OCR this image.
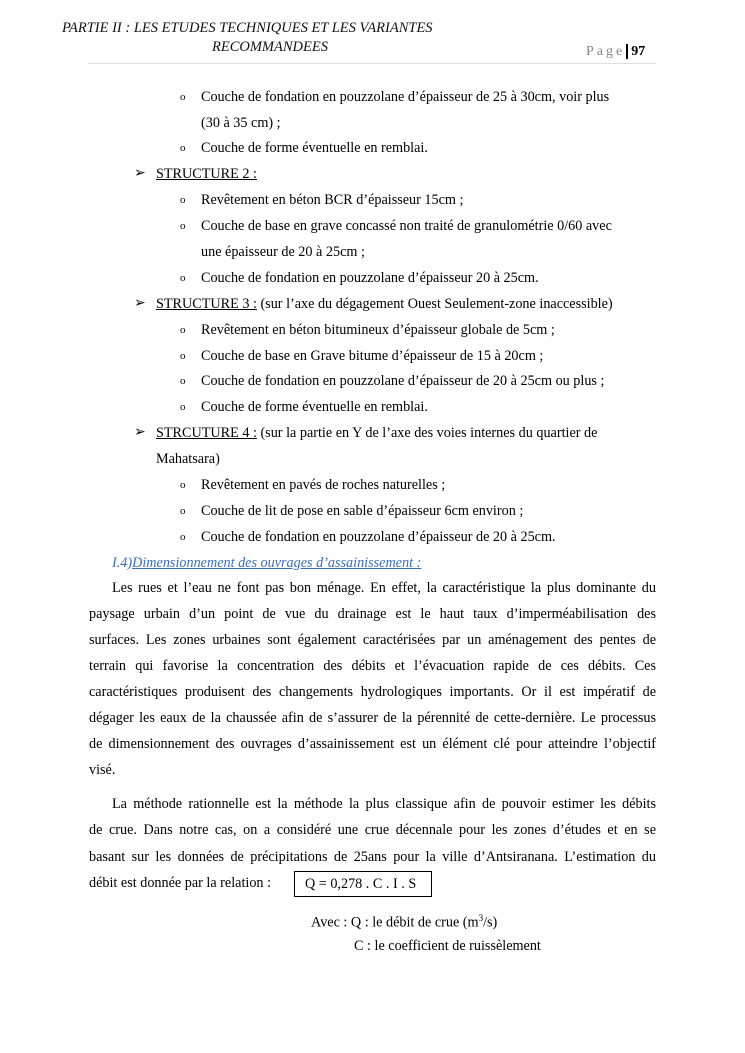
PARTIE II : LES ETUDES TECHNIQUES ET LES VARIANTES
RECOMMANDEES	Page 97
o Couche de fondation en pouzzolane d’épaisseur de 25 à 30cm, voir plus
(30 à 35 cm) ;
o Couche de forme éventuelle en remblai.
➢ STRUCTURE 2 :
o Revêtement en béton BCR d’épaisseur 15cm ;
o Couche de base en grave concassé non traité de granulométrie 0/60 avec
une épaisseur de 20 à 25cm ;
o Couche de fondation en pouzzolane d’épaisseur 20 à 25cm.
➢ STRUCTURE 3 : (sur l’axe du dégagement Ouest Seulement-zone inaccessible)
o Revêtement en béton bitumineux d’épaisseur globale de 5cm ;
o Couche de base en Grave bitume d’épaisseur de 15 à 20cm ;
o Couche de fondation en pouzzolane d’épaisseur de 20 à 25cm ou plus ;
o Couche de forme éventuelle en remblai.
➢ STRCUTURE 4 : (sur la partie en Y de l’axe des voies internes du quartier de
Mahatsara)
o Revêtement en pavés de roches naturelles ;
o Couche de lit de pose en sable d’épaisseur 6cm environ ;
o Couche de fondation en pouzzolane d’épaisseur de 20 à 25cm.
I.4)Dimensionnement des ouvrages d’assainissement :
Les rues et l’eau ne font pas bon ménage. En effet, la caractéristique la plus dominante du
paysage urbain d’un point de vue du drainage est le haut taux d’imperméabilisation des
surfaces. Les zones urbaines sont également caractérisées par un aménagement des pentes de
terrain qui favorise la concentration des débits et l’évacuation rapide de ces débits. Ces
caractéristiques produisent des changements hydrologiques importants. Or il est impératif de
dégager les eaux de la chaussée afin de s’assurer de la pérennité de cette-dernière. Le processus
de dimensionnement des ouvrages d’assainissement est un élément clé pour atteindre l’objectif
visé.
La méthode rationnelle est la méthode la plus classique afin de pouvoir estimer les débits
de crue. Dans notre cas, on a considéré une crue décennale pour les zones d’études et en se
basant sur les données de précipitations de 25ans pour la ville d’Antsiranana. L’estimation du
débit est donnée par la relation :	Q = 0,278 . C . I . S
Avec : Q : le débit de crue $(m^3/s)$
C : le coefficient de ruissèlement
